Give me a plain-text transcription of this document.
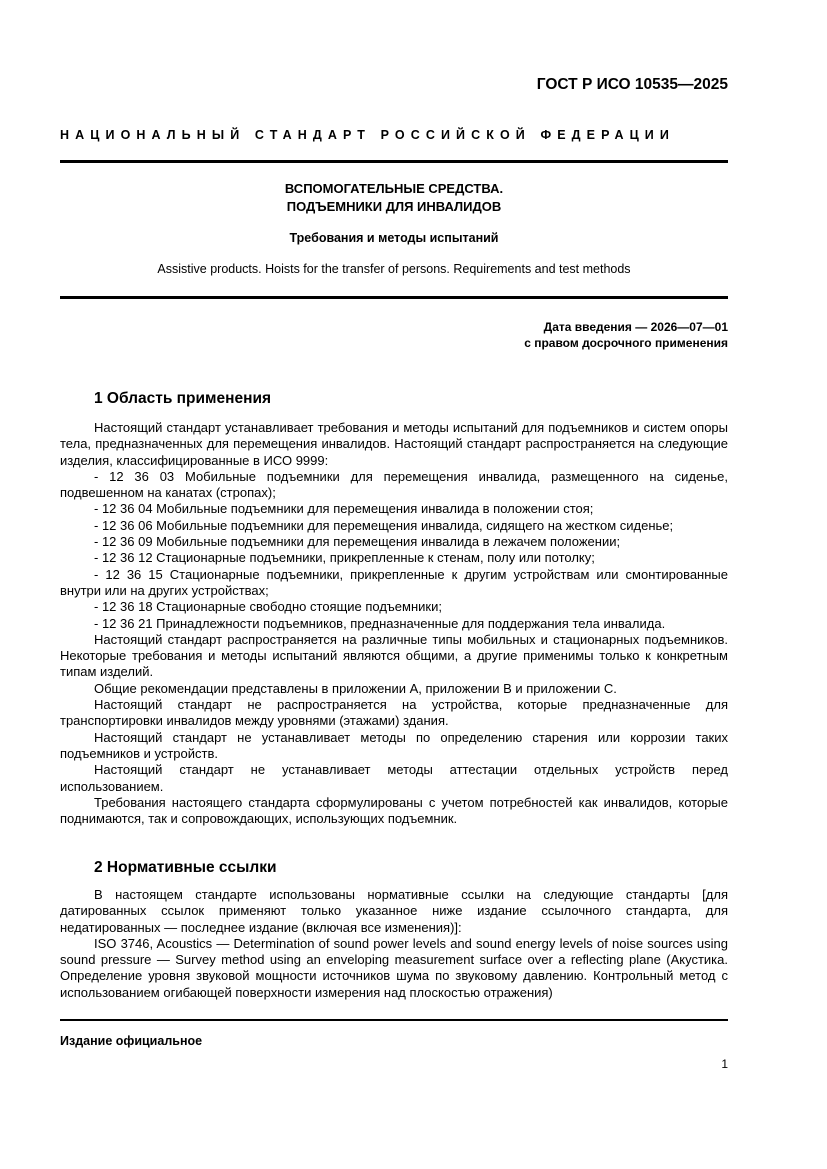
ГОСТ Р ИСО 10535—2025
НАЦИОНАЛЬНЫЙ СТАНДАРТ РОССИЙСКОЙ ФЕДЕРАЦИИ
ВСПОМОГАТЕЛЬНЫЕ СРЕДСТВА.
ПОДЪЕМНИКИ ДЛЯ ИНВАЛИДОВ
Требования и методы испытаний
Assistive products. Hoists for the transfer of persons. Requirements and test methods
Дата введения — 2026—07—01
с правом досрочного применения
1 Область применения

Настоящий стандарт устанавливает требования и методы испытаний для подъемников и систем опоры тела, предназначенных для перемещения инвалидов. Настоящий стандарт распространяется на следующие изделия, классифицированные в ИСО 9999:

- 12 36 03 Мобильные подъемники для перемещения инвалида, размещенного на сиденье, подвешенном на канатах (стропах);

- 12 36 04 Мобильные подъемники для перемещения инвалида в положении стоя;

- 12 36 06 Мобильные подъемники для перемещения инвалида, сидящего на жестком сиденье;

- 12 36 09 Мобильные подъемники для перемещения инвалида в лежачем положении;

- 12 36 12 Стационарные подъемники, прикрепленные к стенам, полу или потолку;

- 12 36 15 Стационарные подъемники, прикрепленные к другим устройствам или смонтированные внутри или на других устройствах;

- 12 36 18 Стационарные свободно стоящие подъемники;

- 12 36 21 Принадлежности подъемников, предназначенные для поддержания тела инвалида.

Настоящий стандарт распространяется на различные типы мобильных и стационарных подъемников. Некоторые требования и методы испытаний являются общими, а другие применимы только к конкретным типам изделий.

Общие рекомендации представлены в приложении А, приложении В и приложении С.

Настоящий стандарт не распространяется на устройства, которые предназначенные для транспортировки инвалидов между уровнями (этажами) здания.

Настоящий стандарт не устанавливает методы по определению старения или коррозии таких подъемников и устройств.

Настоящий стандарт не устанавливает методы аттестации отдельных устройств перед использованием.

Требования настоящего стандарта сформулированы с учетом потребностей как инвалидов, которые поднимаются, так и сопровождающих, использующих подъемник.

2 Нормативные ссылки

В настоящем стандарте использованы нормативные ссылки на следующие стандарты [для датированных ссылок применяют только указанное ниже издание ссылочного стандарта, для недатированных — последнее издание (включая все изменения)]:

ISO 3746, Acoustics — Determination of sound power levels and sound energy levels of noise sources using sound pressure — Survey method using an enveloping measurement surface over a reflecting plane (Акустика. Определение уровня звуковой мощности источников шума по звуковому давлению. Контрольный метод с использованием огибающей поверхности измерения над плоскостью отражения)

Издание официальное
1
